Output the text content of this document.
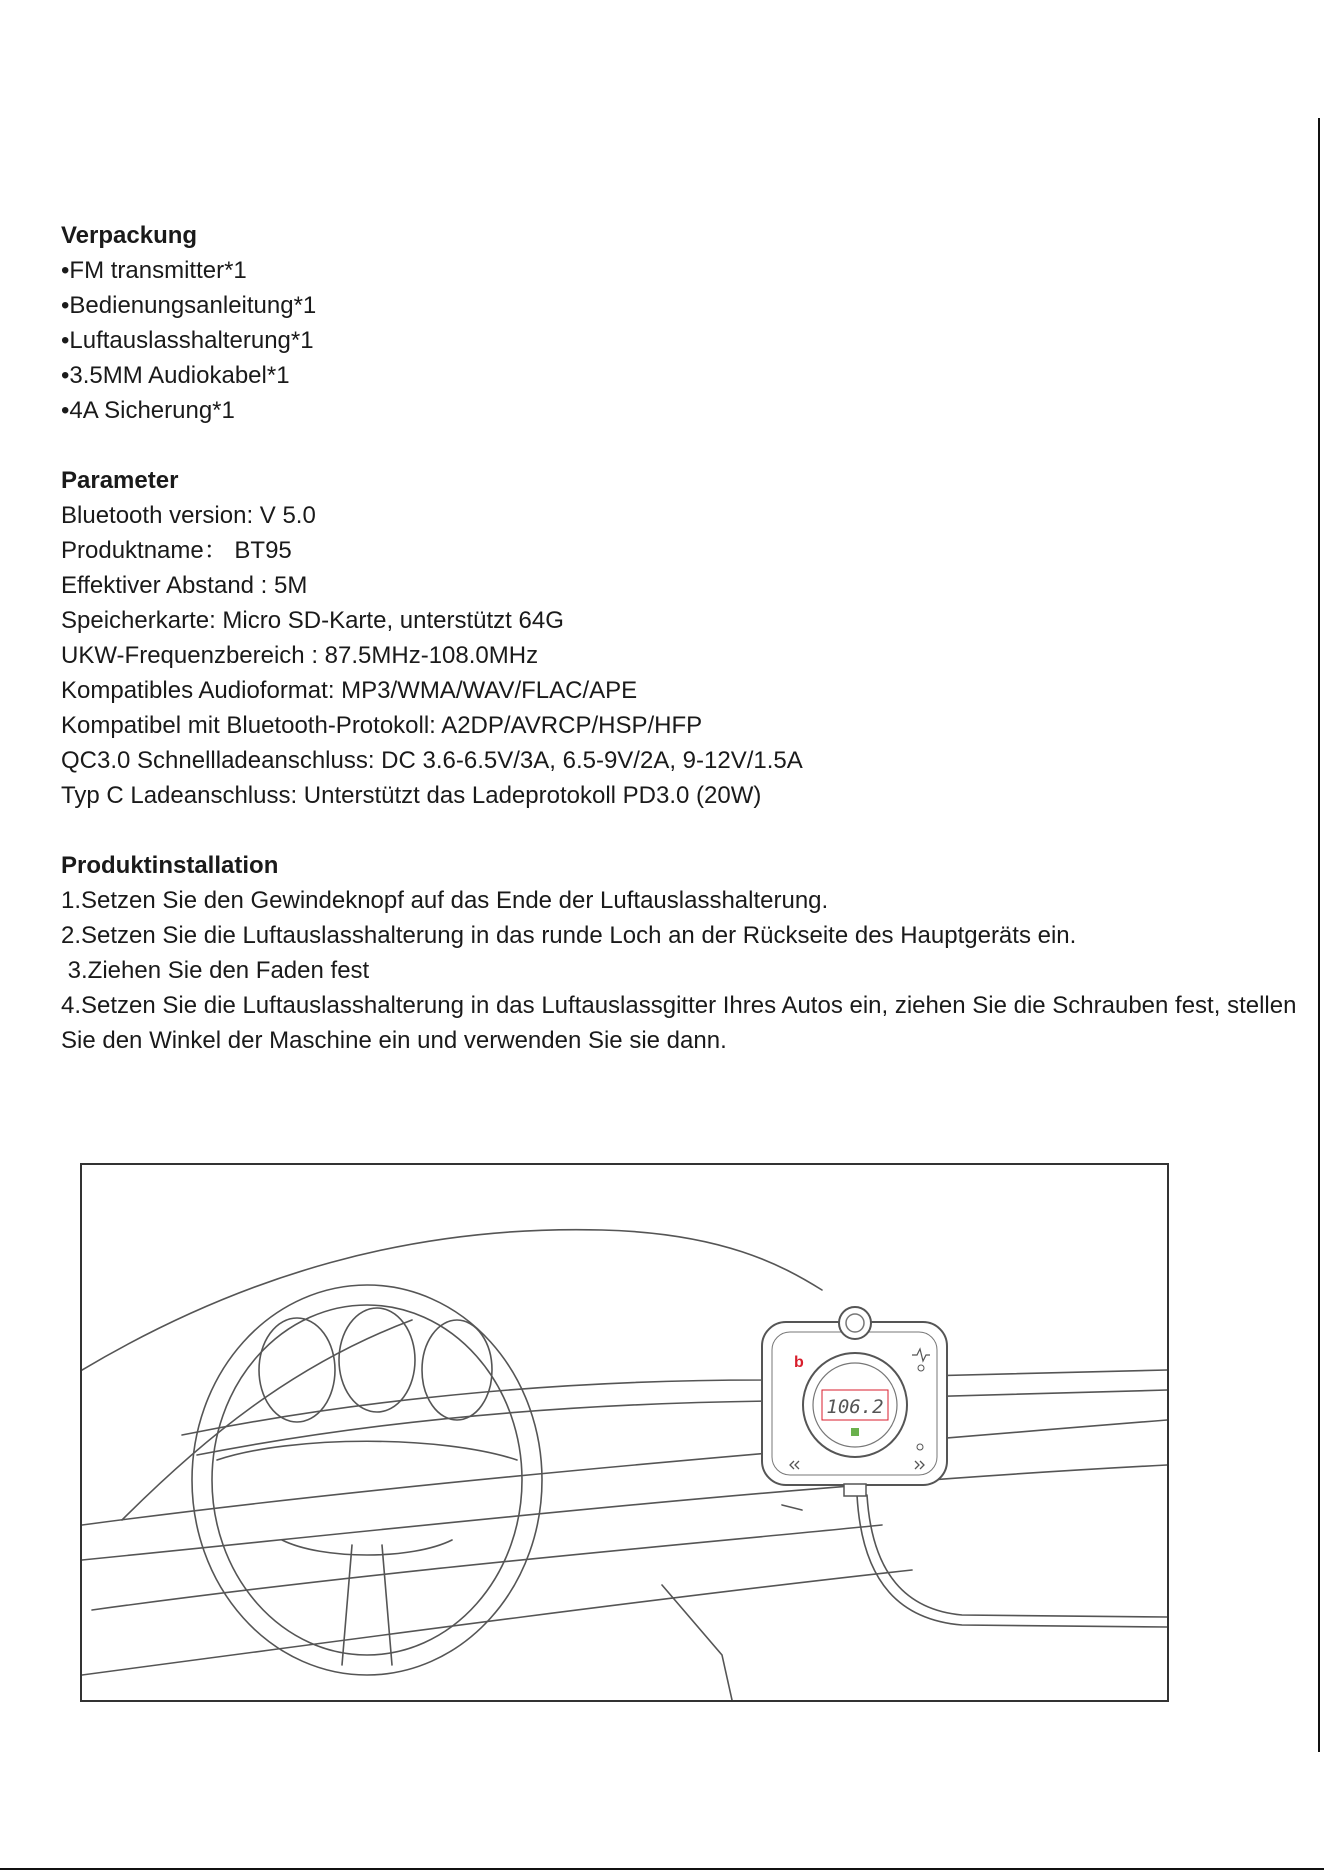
Verpackung
•FM transmitter*1
•Bedienungsanleitung*1
•Luftauslasshalterung*1
•3.5MM Audiokabel*1
•4A Sicherung*1
Parameter
Bluetooth version: V 5.0
Produktname： BT95
Effektiver Abstand : 5M
Speicherkarte: Micro SD-Karte, unterstützt 64G
UKW-Frequenzbereich : 87.5MHz-108.0MHz
Kompatibles Audioformat: MP3/WMA/WAV/FLAC/APE
Kompatibel mit Bluetooth-Protokoll: A2DP/AVRCP/HSP/HFP
QC3.0 Schnellladeanschluss: DC 3.6-6.5V/3A, 6.5-9V/2A, 9-12V/1.5A
Typ C Ladeanschluss: Unterstützt das Ladeprotokoll PD3.0 (20W)
Produktinstallation
1.Setzen Sie den Gewindeknopf auf das Ende der Luftauslasshalterung.
2.Setzen Sie die Luftauslasshalterung in das runde Loch an der Rückseite des Hauptgeräts ein.
3.Ziehen Sie den Faden fest
4.Setzen Sie die Luftauslasshalterung in das Luftauslassgitter Ihres Autos ein, ziehen Sie die Schrauben fest, stellen Sie den Winkel der Maschine ein und verwenden Sie sie dann.
106.2
b
